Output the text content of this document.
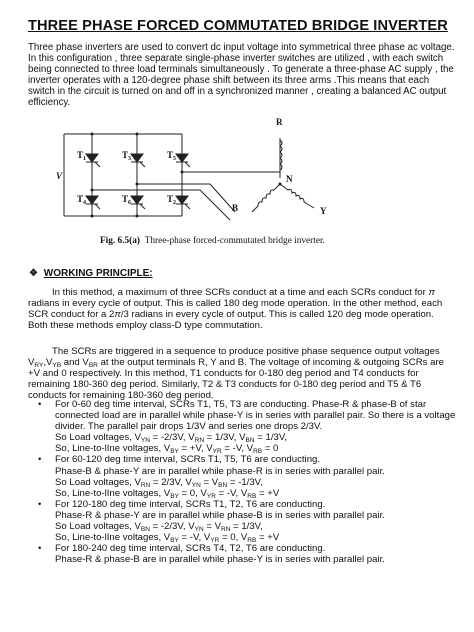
THREE PHASE FORCED COMMUTATED BRIDGE INVERTER

Three phase inverters are used to convert dc input voltage into symmetrical three phase ac voltage. In this configuration , three separate single-phase inverter switches are utilized , with each switch being connected to three load terminals simultaneously . To generate a three-phase AC supply , the inverter operates with a 120-degree phase shift between its three arms .This means that each switch in the circuit is turned on and off in a synchronized manner , creating a balanced AC output efficiency.

$T_1$	$T_3$	$T_5$
$T_4$	$T_6$	$T_2$
V
R
N
B	Y
Fig. 6.5(a) Three-phase forced-commutated bridge inverter.
❖ WORKING PRINCIPLE:

In this method, a maximum of three SCRs conduct at a time and each SCRs conduct for π radians in every cycle of output. This is called 180 deg mode operation. In the other method, each SCR conduct for a 2π/3 radians in every cycle of output. This is called 120 deg mode operation. Both these methods employ class-D type commutation.

The SCRs are triggered in a sequence to produce positive phase sequence output voltages $V_{RY},V_{YB}$ and $V_{BR}$ at the output terminals R, Y and B. The voltage of incoming & outgoing SCRs are +V and 0 respectively. In this method, T1 conducts for 0-180 deg period and T4 conducts for remaining 180-360 deg period. Similarly, T2 & T3 conducts for 0-180 deg period and T5 & T6 conducts for remaining 180-360 deg period.

• For 0-60 deg time interval, SCRs T1, T5, T3 are conducting. Phase-R & phase-B of star connected load are in parallel while phase-Y is in series with parallel pair. So there is a voltage divider. The parallel pair drops 1/3V and series one drops 2/3V.
So Load voltages, $V_{YN} = -2/3V$, $V_{RN} = 1/3V$, $V_{BN} = 1/3V$,
So, Line-to-lIne voltages, $V_{BY} = +V$, $V_{YR} = -V$, $V_{RB} = 0$
• For 60-120 deg time interval, SCRs T1, T5, T6 are conducting.
Phase-B & phase-Y are in parallel while phase-R is in series with parallel pair.
So Load voltages, $V_{RN} = 2/3V$, $V_{YN} = V_{BN} = -1/3V$,
So, Line-to-lIne voltages, $V_{BY} = 0$, $V_{YR} = -V$, $V_{RB} = +V$
• For 120-180 deg time interval, SCRs T1, T2, T6 are conducting.
Phase-R & phase-Y are in parallel while phase-B is in series with parallel pair.
So Load voltages, $V_{BN} = -2/3V$, $V_{YN} = V_{RN} = 1/3V$,
So, Line-to-lIne voltages, $V_{BY} = -V$, $V_{YR} = 0$, $V_{RB} = +V$
• For 180-240 deg time interval, SCRs T4, T2, T6 are conducting.
Phase-R & phase-B are in parallel while phase-Y is in series with parallel pair.
